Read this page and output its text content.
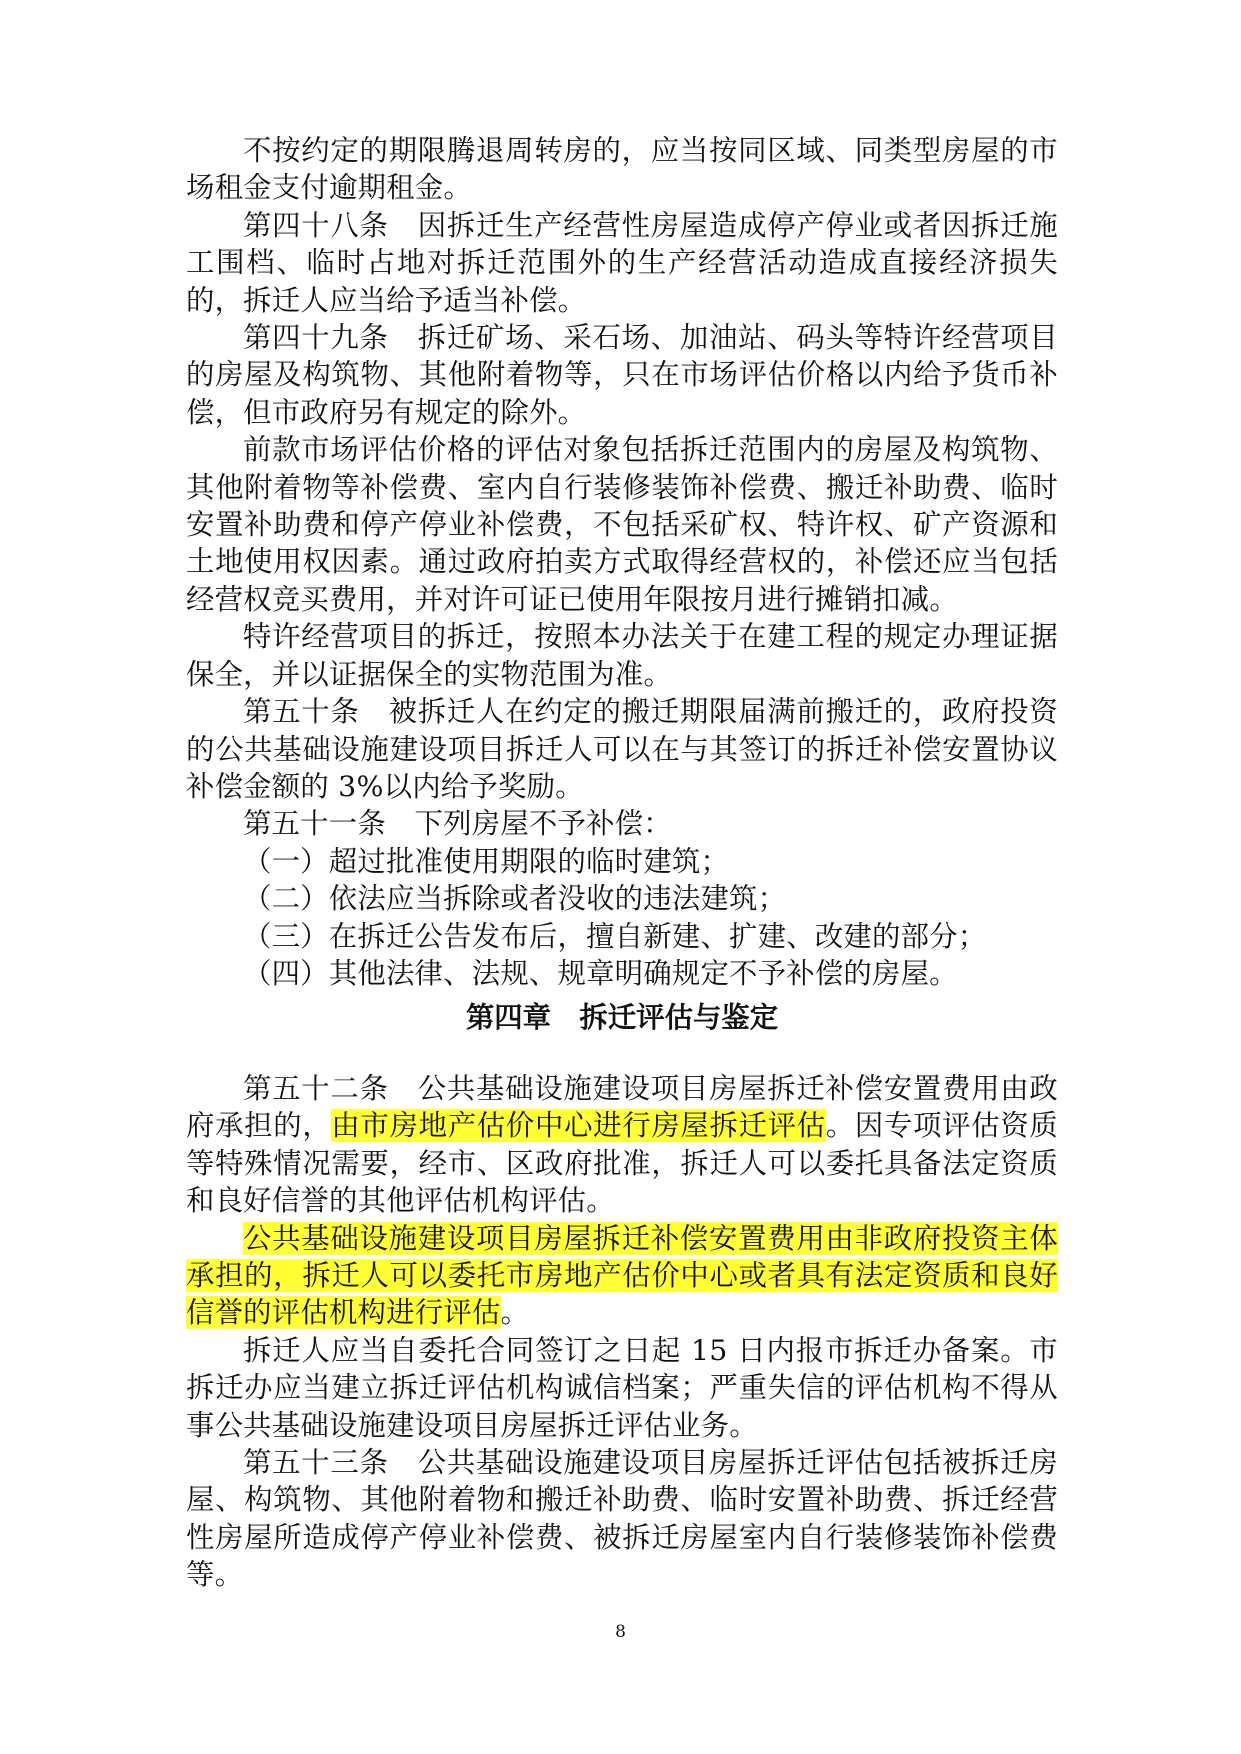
不按约定的期限腾退周转房的，应当按同区域、同类型房屋的市场租金支付逾期租金。

第四十八条　因拆迁生产经营性房屋造成停产停业或者因拆迁施工围档、临时占地对拆迁范围外的生产经营活动造成直接经济损失的，拆迁人应当给予适当补偿。

第四十九条　拆迁矿场、采石场、加油站、码头等特许经营项目的房屋及构筑物、其他附着物等，只在市场评估价格以内给予货币补偿，但市政府另有规定的除外。

前款市场评估价格的评估对象包括拆迁范围内的房屋及构筑物、其他附着物等补偿费、室内自行装修装饰补偿费、搬迁补助费、临时安置补助费和停产停业补偿费，不包括采矿权、特许权、矿产资源和土地使用权因素。通过政府拍卖方式取得经营权的，补偿还应当包括经营权竞买费用，并对许可证已使用年限按月进行摊销扣减。

特许经营项目的拆迁，按照本办法关于在建工程的规定办理证据保全，并以证据保全的实物范围为准。

第五十条　被拆迁人在约定的搬迁期限届满前搬迁的，政府投资的公共基础设施建设项目拆迁人可以在与其签订的拆迁补偿安置协议补偿金额的 3%以内给予奖励。

第五十一条　下列房屋不予补偿：

（一）超过批准使用期限的临时建筑；

（二）依法应当拆除或者没收的违法建筑；

（三）在拆迁公告发布后，擅自新建、扩建、改建的部分；

（四）其他法律、法规、规章明确规定不予补偿的房屋。

第四章　拆迁评估与鉴定

第五十二条　公共基础设施建设项目房屋拆迁补偿安置费用由政府承担的，由市房地产估价中心进行房屋拆迁评估。因专项评估资质等特殊情况需要，经市、区政府批准，拆迁人可以委托具备法定资质和良好信誉的其他评估机构评估。

公共基础设施建设项目房屋拆迁补偿安置费用由非政府投资主体承担的，拆迁人可以委托市房地产估价中心或者具有法定资质和良好信誉的评估机构进行评估。

拆迁人应当自委托合同签订之日起 15 日内报市拆迁办备案。市拆迁办应当建立拆迁评估机构诚信档案；严重失信的评估机构不得从事公共基础设施建设项目房屋拆迁评估业务。

第五十三条　公共基础设施建设项目房屋拆迁评估包括被拆迁房屋、构筑物、其他附着物和搬迁补助费、临时安置补助费、拆迁经营性房屋所造成停产停业补偿费、被拆迁房屋室内自行装修装饰补偿费等。

8
